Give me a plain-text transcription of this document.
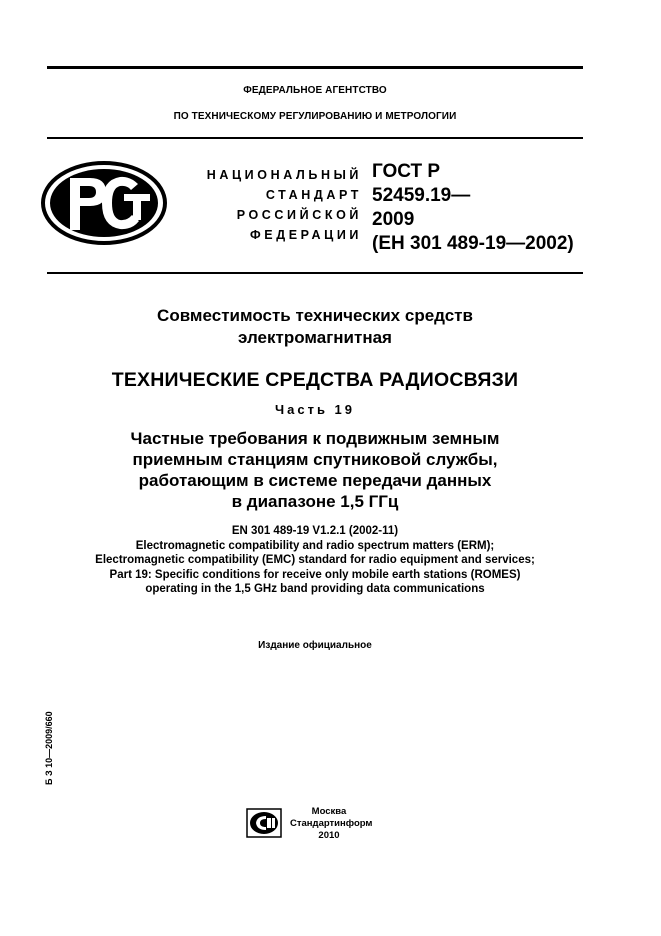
ФЕДЕРАЛЬНОЕ АГЕНТСТВО
ПО ТЕХНИЧЕСКОМУ РЕГУЛИРОВАНИЮ И МЕТРОЛОГИИ
НАЦИОНАЛЬНЫЙ
СТАНДАРТ
РОССИЙСКОЙ
ФЕДЕРАЦИИ
ГОСТ Р
52459.19—
2009
(ЕН 301 489-19—2002)
Совместимость технических средств
электромагнитная
ТЕХНИЧЕСКИЕ СРЕДСТВА РАДИОСВЯЗИ
Часть 19
Частные требования к подвижным земным
приемным станциям спутниковой службы,
работающим в системе передачи данных
в диапазоне 1,5 ГГц
EN 301 489-19 V1.2.1 (2002-11)
Electromagnetic compatibility and radio spectrum matters (ERM);
Electromagnetic compatibility (EMC) standard for radio equipment and services;
Part 19: Specific conditions for receive only mobile earth stations (ROMES)
operating in the 1,5 GHz band providing data communications
Издание официальное
Б З 10—2009/660
Москва
Стандартинформ
2010
